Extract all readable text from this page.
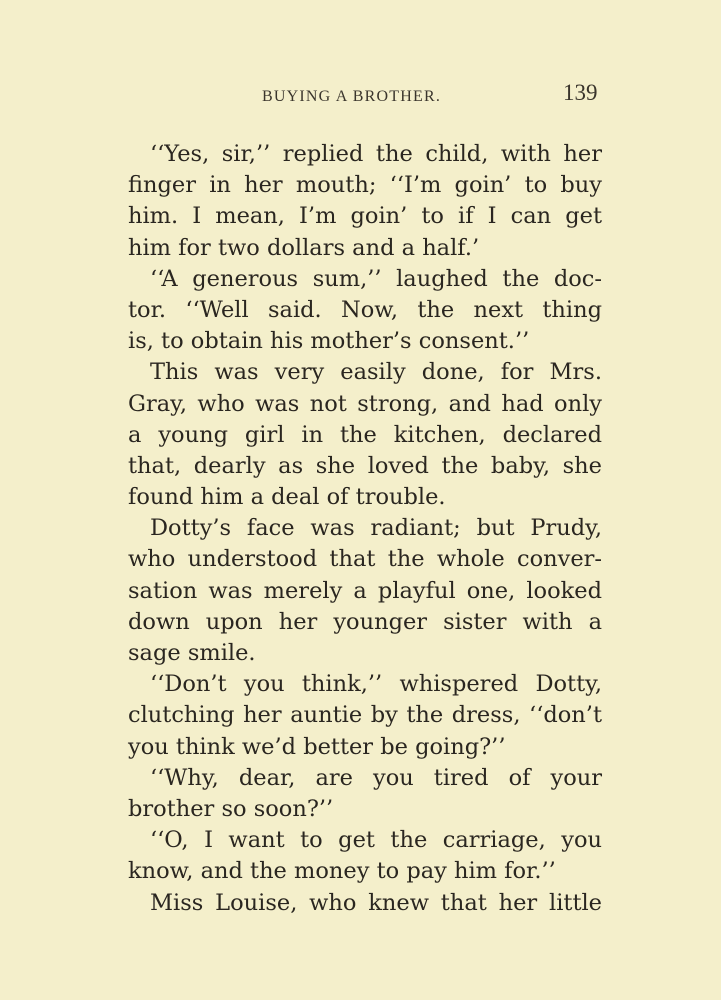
BUYING A BROTHER.	139
‘‘Yes, sir,’’ replied the child, with her
finger in her mouth; ‘‘I’m goin’ to buy
him. I mean, I’m goin’ to if I can get
him for two dollars and a half.’
‘‘A generous sum,’’ laughed the doc-
tor. ‘‘Well said. Now, the next thing
is, to obtain his mother’s consent.’’
This was very easily done, for Mrs.
Gray, who was not strong, and had only
a young girl in the kitchen, declared
that, dearly as she loved the baby, she
found him a deal of trouble.
Dotty’s face was radiant; but Prudy,
who understood that the whole conver-
sation was merely a playful one, looked
down upon her younger sister with a
sage smile.
‘‘Don’t you think,’’ whispered Dotty,
clutching her auntie by the dress, ‘‘don’t
you think we’d better be going?’’
‘‘Why, dear, are you tired of your
brother so soon?’’
‘‘O, I want to get the carriage, you
know, and the money to pay him for.’’
Miss Louise, who knew that her little
